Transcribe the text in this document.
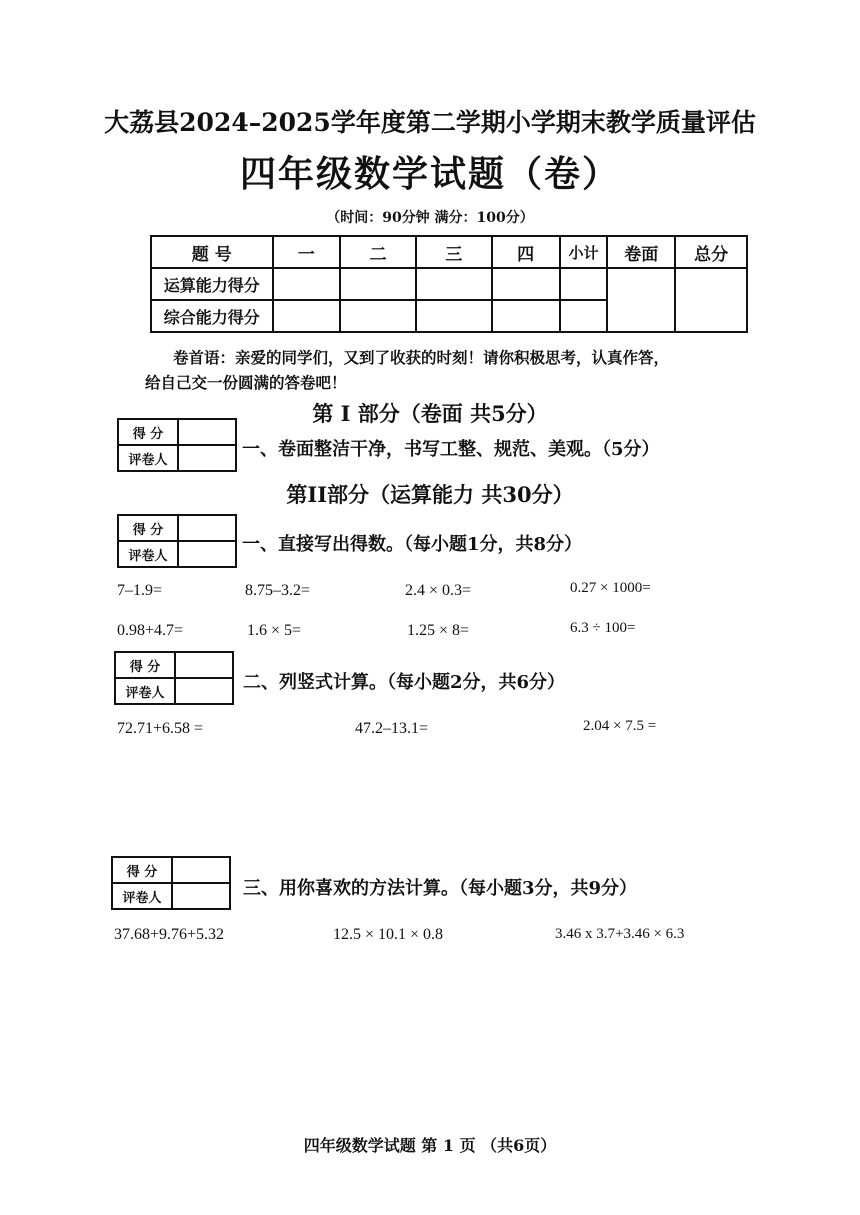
大荔县2024–2025学年度第二学期小学期末教学质量评估
四年级数学试题（卷）
（时间：90分钟 满分：100分）
题 号	一	二	三	四	小计	卷面	总分
运算能力得分							
综合能力得分							
卷首语：亲爱的同学们，又到了收获的时刻！请你积极思考，认真作答，
给自己交一份圆满的答卷吧！
第 I 部分（卷面 共5分）
得 分	
评卷人		一、卷面整洁干净，书写工整、规范、美观。（5分）
第II部分（运算能力 共30分）
得 分	
评卷人	
一、直接写出得数。（每小题1分，共8分）
7–1.9=	8.75–3.2=	2.4 × 0.3=	0.27 × 1000=
0.98+4.7=	1.6 × 5=	1.25 × 8=	6.3 ÷ 100=
得 分	
评卷人		二、列竖式计算。（每小题2分，共6分）
72.71+6.58 =	47.2–13.1=	2.04 × 7.5 =
得 分	
评卷人		三、用你喜欢的方法计算。（每小题3分，共9分）
37.68+9.76+5.32	12.5 × 10.1 × 0.8	3.46 x 3.7+3.46 × 6.3
四年级数学试题 第 1 页 （共6页）
